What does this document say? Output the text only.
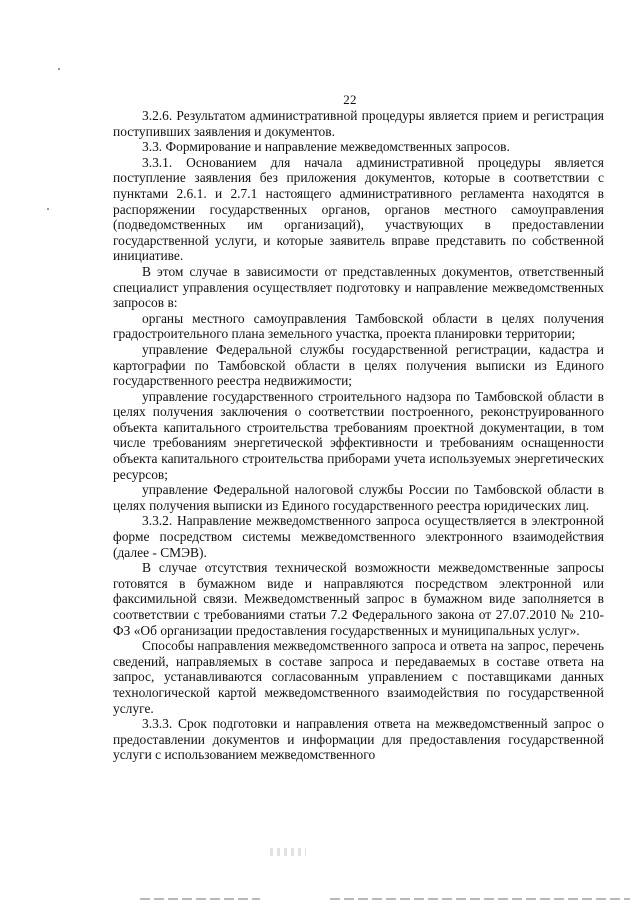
22

3.2.6. Результатом административной процедуры является прием и регистрация поступивших заявления и документов.

3.3. Формирование и направление межведомственных запросов.

3.3.1. Основанием для начала административной процедуры является поступление заявления без приложения документов, которые в соответствии с пунктами 2.6.1. и 2.7.1 настоящего административного регламента находятся в распоряжении государственных органов, органов местного самоуправления (подведомственных им организаций), участвующих в предоставлении государственной услуги, и которые заявитель вправе представить по собственной инициативе.

В этом случае в зависимости от представленных документов, ответственный специалист управления осуществляет подготовку и направление межведомственных запросов в:

органы местного самоуправления Тамбовской области в целях получения градостроительного плана земельного участка, проекта планировки территории;

управление Федеральной службы государственной регистрации, кадастра и картографии по Тамбовской области в целях получения выписки из Единого государственного реестра недвижимости;

управление государственного строительного надзора по Тамбовской области в целях получения заключения о соответствии построенного, реконструированного объекта капитального строительства требованиям проектной документации, в том числе требованиям энергетической эффективности и требованиям оснащенности объекта капитального строительства приборами учета используемых энергетических ресурсов;

управление Федеральной налоговой службы России по Тамбовской области в целях получения выписки из Единого государственного реестра юридических лиц.

3.3.2. Направление межведомственного запроса осуществляется в электронной форме посредством системы межведомственного электронного взаимодействия (далее - СМЭВ).

В случае отсутствия технической возможности межведомственные запросы готовятся в бумажном виде и направляются посредством электронной или факсимильной связи. Межведомственный запрос в бумажном виде заполняется в соответствии с требованиями статьи 7.2 Федерального закона от 27.07.2010 № 210-ФЗ «Об организации предоставления государственных и муниципальных услуг».

Способы направления межведомственного запроса и ответа на запрос, перечень сведений, направляемых в составе запроса и передаваемых в составе ответа на запрос, устанавливаются согласованным управлением с поставщиками данных технологической картой межведомственного взаимодействия по государственной услуге.

3.3.3. Срок подготовки и направления ответа на межведомственный запрос о предоставлении документов и информации для предоставления государственной услуги с использованием межведомственного
